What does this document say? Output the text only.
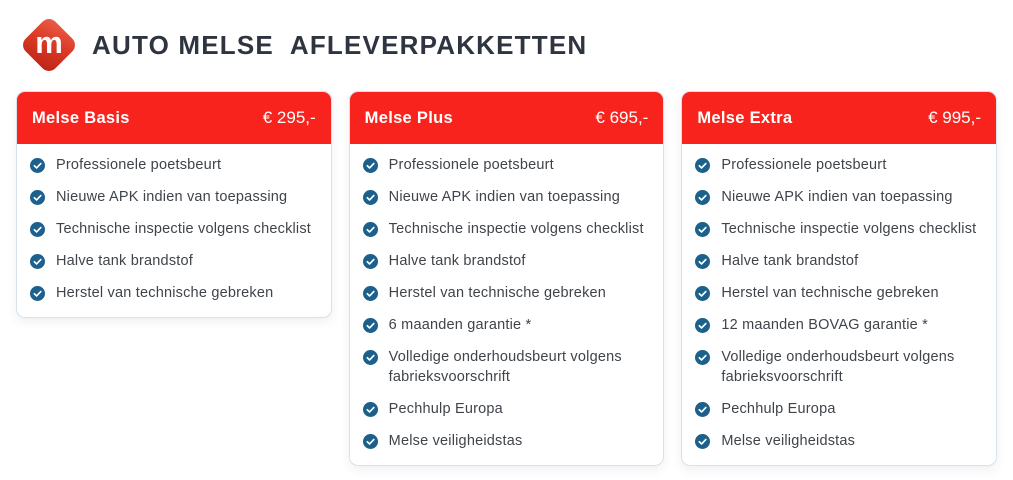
m	AUTO MELSE  AFLEVERPAKKETTEN
Melse Basis	€ 295,-
Professionele poetsbeurt
Nieuwe APK indien van toepassing
Technische inspectie volgens checklist
Halve tank brandstof
Herstel van technische gebreken
Melse Plus	€ 695,-
Professionele poetsbeurt
Nieuwe APK indien van toepassing
Technische inspectie volgens checklist
Halve tank brandstof
Herstel van technische gebreken
6 maanden garantie *
Volledige onderhoudsbeurt volgens fabrieksvoorschrift
Pechhulp Europa
Melse veiligheidstas
Melse Extra	€ 995,-
Professionele poetsbeurt
Nieuwe APK indien van toepassing
Technische inspectie volgens checklist
Halve tank brandstof
Herstel van technische gebreken
12 maanden BOVAG garantie *
Volledige onderhoudsbeurt volgens fabrieksvoorschrift
Pechhulp Europa
Melse veiligheidstas
